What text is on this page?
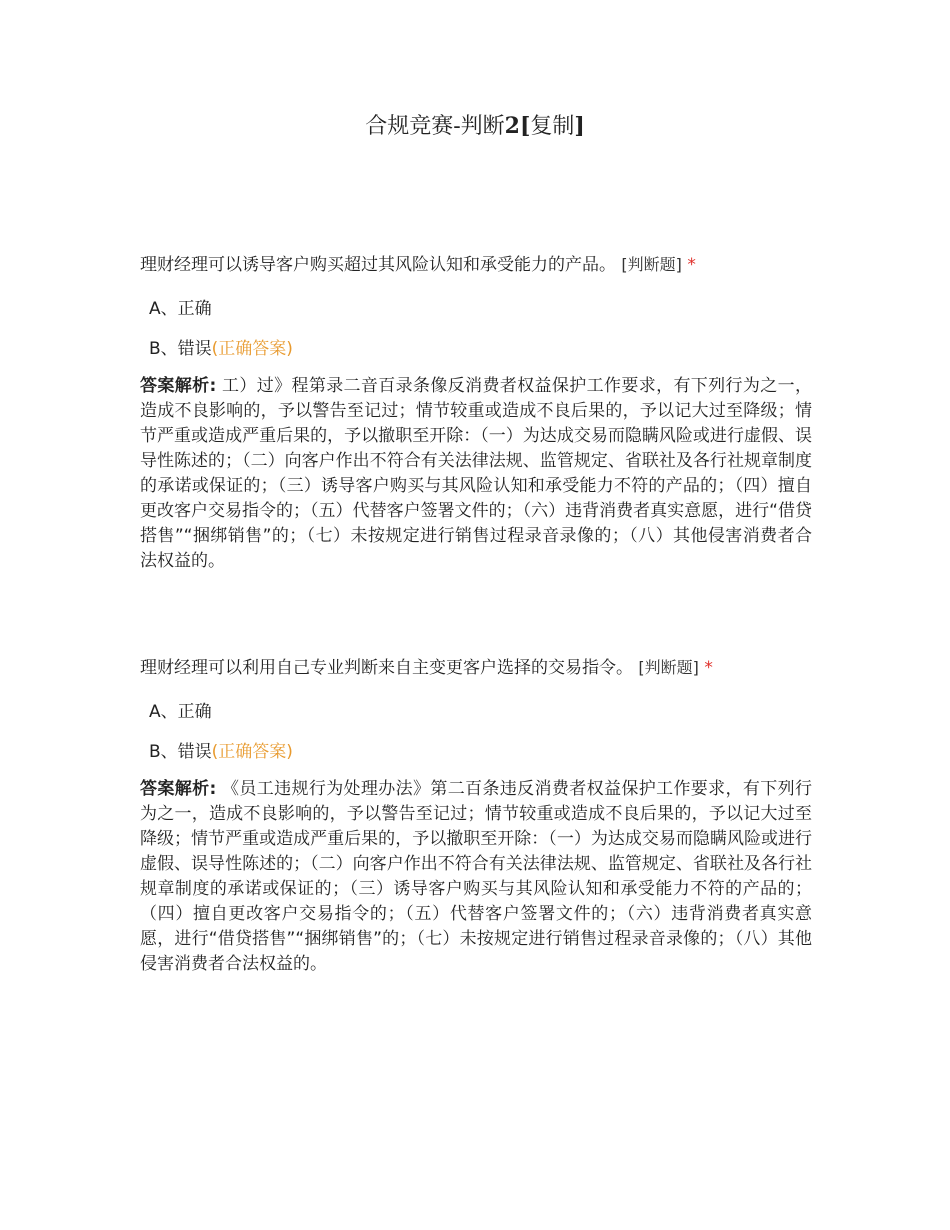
合规竞赛-判断2[复制]
理财经理可以诱导客户购买超过其风险认知和承受能力的产品。 [判断题] *
A、正确
B、错误(正确答案)
答案解析: 工）过》程第录二音百录条像反消费者权益保护工作要求，有下列行为之一，造成不良影响的，予以警告至记过；情节较重或造成不良后果的，予以记大过至降级；情节严重或造成严重后果的，予以撤职至开除：（一）为达成交易而隐瞒风险或进行虚假、误导性陈述的；（二）向客户作出不符合有关法律法规、监管规定、省联社及各行社规章制度的承诺或保证的；（三）诱导客户购买与其风险认知和承受能力不符的产品的；（四）擅自更改客户交易指令的；（五）代替客户签署文件的；（六）违背消费者真实意愿，进行“借贷搭售”“捆绑销售”的；（七）未按规定进行销售过程录音录像的；（八）其他侵害消费者合法权益的。
理财经理可以利用自己专业判断来自主变更客户选择的交易指令。 [判断题] *
A、正确
B、错误(正确答案)
答案解析: 《员工违规行为处理办法》第二百条违反消费者权益保护工作要求，有下列行为之一，造成不良影响的，予以警告至记过；情节较重或造成不良后果的，予以记大过至降级；情节严重或造成严重后果的，予以撤职至开除：（一）为达成交易而隐瞒风险或进行虚假、误导性陈述的；（二）向客户作出不符合有关法律法规、监管规定、省联社及各行社规章制度的承诺或保证的；（三）诱导客户购买与其风险认知和承受能力不符的产品的；（四）擅自更改客户交易指令的；（五）代替客户签署文件的；（六）违背消费者真实意愿，进行“借贷搭售”“捆绑销售”的；（七）未按规定进行销售过程录音录像的；（八）其他侵害消费者合法权益的。
